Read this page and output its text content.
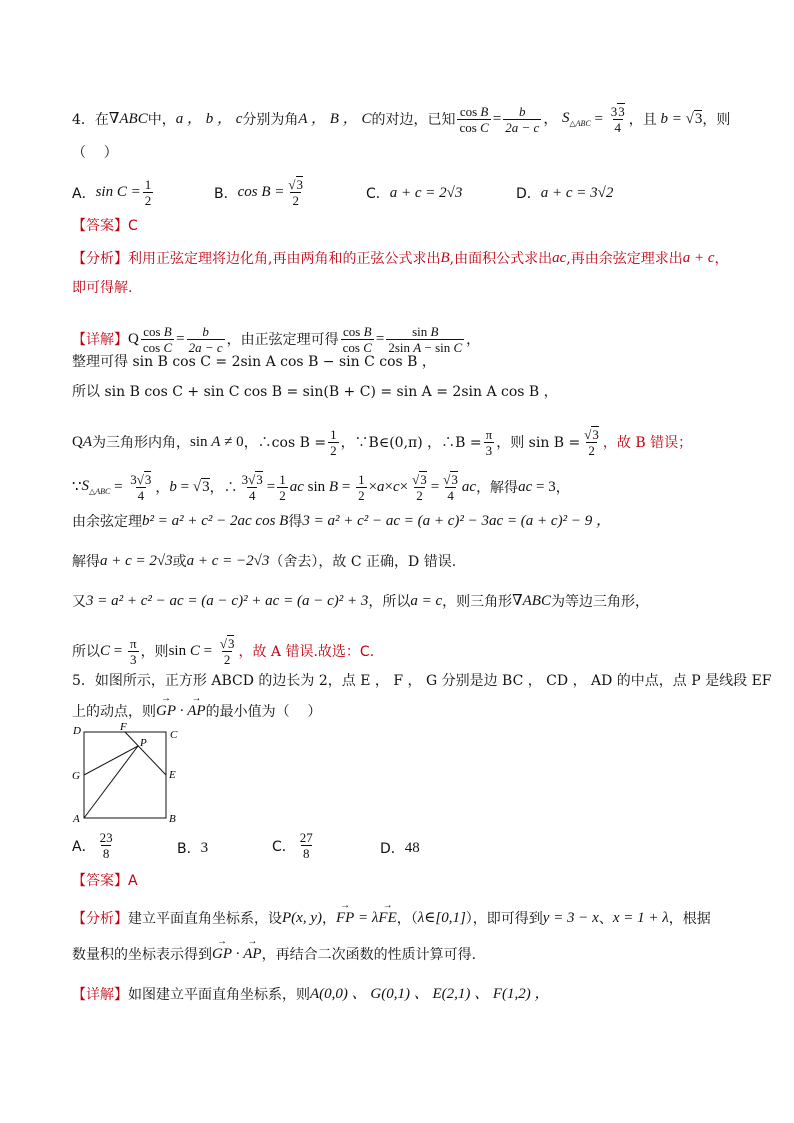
4．在 ∇ABC 中， a ， b ， c 分别为角 A ， B ， C 的对边，已知 $\frac{\text{cos B}}{\text{cos C}} = \frac{b}{2a - c}$ ， $S_{\triangle ABC} = \frac{33}{4}$ ，且 b = √3 ，则
（    ）
A． $\sin C = \frac{1}{2}$	B． $\cos B = \frac{√3}{2}$	C． a + c = 2√3	D． a + c = 3√2
【答案】 C
【分析】 利用正弦定理将边化角,再由两角和的正弦公式求出 B ,由面积公式求出 ac ,再由余弦定理求出 a + c ，
即可得解.
【详解】 Q $\frac{\text{cos B}}{\text{cos C}} = \frac{b}{2a - c}$ ，由正弦定理可得 $\frac{\text{cos B}}{\text{cos C}} = \frac{\text{sin B}}{\text{2sin A − sin C}}$ ，
整理可得 sin B cos C = 2sin A cos B − sin C cos B ，
所以 sin B cos C + sin C cos B = sin(B + C) = sin A = 2sin A cos B ，
Q A 为三角形内角， sin A ≠ 0 ，∴cos $B = \frac{1}{2}$ ，∵B∈(0,π) ，∴B = $\frac{\pi}{3}$ ，则 $\sin B = \frac{√3}{2}$ ，故 B 错误；
∵ $S_{\triangle ABC} = \frac{3√3}{4}$ ， b = √3 ，∴ $\frac{3√3}{4} = \frac{1}{2}$ ac $\sin B = \frac{1}{2} \times a \times c \times \frac{√3}{2} = \frac{√3}{4}$ ac ，解得 ac = 3 ，
由余弦定理 b² = a² + c² − 2ac cos B 得 3 = a² + c² − ac = (a + c)² − 3ac = (a + c)² − 9 ，
解得 a + c = 2√3 或 a + c = −2√3 （舍去），故 C 正确，D 错误.
又 3 = a² + c² − ac = (a − c)² + ac = (a − c)² + 3 ，所以 a = c ，则三角形 ∇ABC 为等边三角形，
所以 $C = \frac{\pi}{3}$ ，则 $\sin C = \frac{√3}{2}$ ，故 A 错误.故选： C.
5．如图所示，正方形 ABCD 的边长为 2，点 E ， F ， G 分别是边 BC ， CD ， AD 的中点，点 P 是线段 EF
上的动点，则 → GP · → AP 的最小值为（    ）
D	F
P
C
G	E
A	B
A． $\frac{23}{8}$	B． 3	C． $\frac{27}{8}$	D． 48
【答案】 A
【分析】 建立平面直角坐标系，设 P(x, y) ， → FP = λ→ FE ，（ λ∈[0,1] ），即可得到 y = 3 − x 、 x = 1 + λ ，根据
数量积的坐标表示得到 → GP · → AP ，再结合二次函数的性质计算可得.
【详解】 如图建立平面直角坐标系，则 A(0,0) 、 G(0,1) 、 E(2,1) 、 F(1,2) ，
